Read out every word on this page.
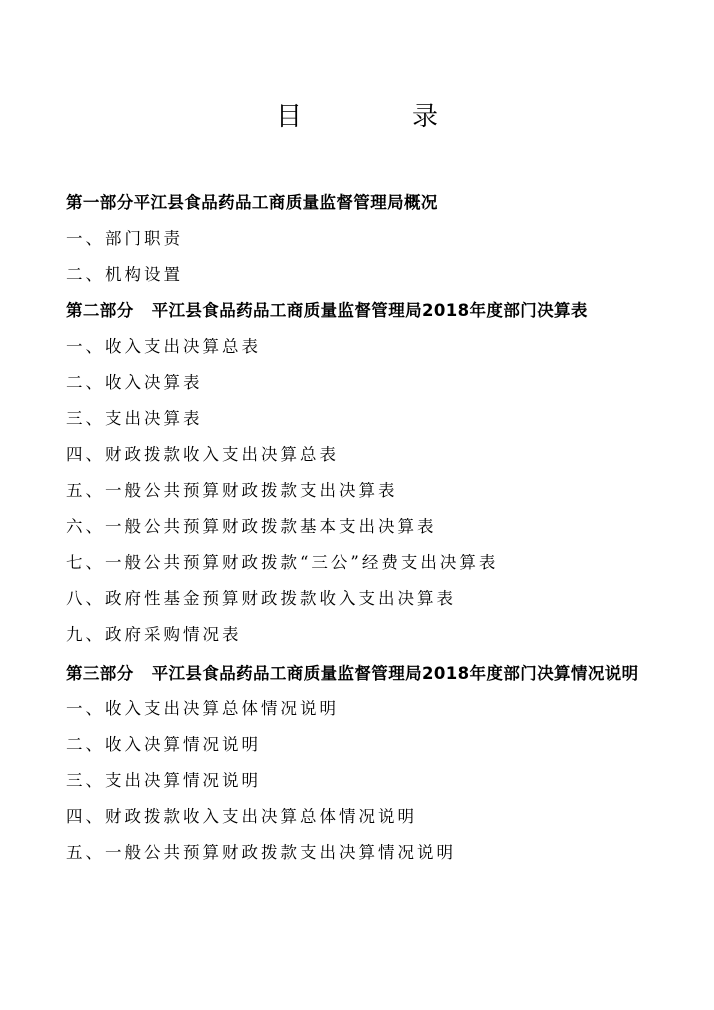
目　录
第一部分平江县食品药品工商质量监督管理局概况
一、部门职责
二、机构设置
第二部分 平江县食品药品工商质量监督管理局2018年度部门决算表
一、收入支出决算总表
二、收入决算表
三、支出决算表
四、财政拨款收入支出决算总表
五、一般公共预算财政拨款支出决算表
六、一般公共预算财政拨款基本支出决算表
七、一般公共预算财政拨款“三公”经费支出决算表
八、政府性基金预算财政拨款收入支出决算表
九、政府采购情况表
第三部分 平江县食品药品工商质量监督管理局2018年度部门决算情况说明
一、收入支出决算总体情况说明
二、收入决算情况说明
三、支出决算情况说明
四、财政拨款收入支出决算总体情况说明
五、一般公共预算财政拨款支出决算情况说明
